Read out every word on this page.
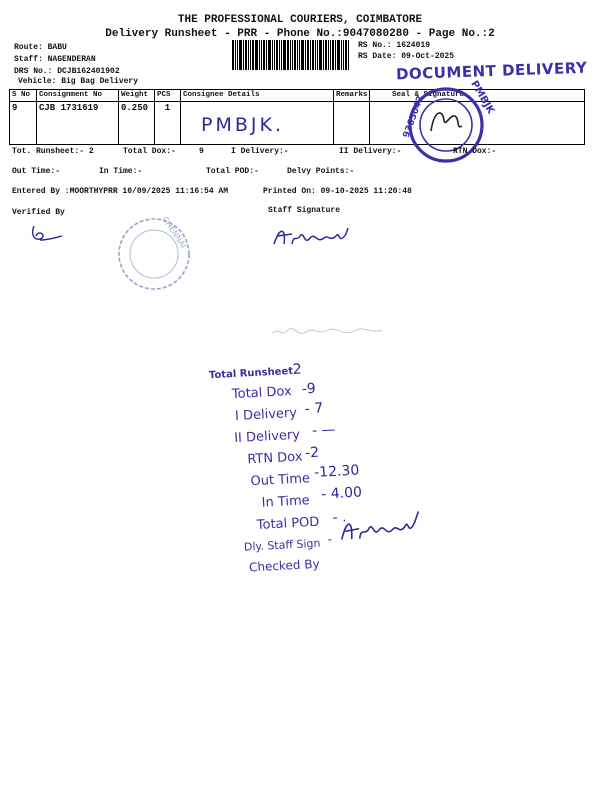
THE PROFESSIONAL COURIERS, COIMBATORE
Delivery Runsheet - PRR - Phone No.:9047080280 - Page No.:2
Route: BABU
Staff: NAGENDERAN
DRS No.: DCJB162401902
Vehicle: Big Bag Delivery
RS No.: 1624019
RS Date: 09-Oct-2025
DOCUMENT DELIVERY
S No	Consignment No	Weight	PCS	Consignee Details	Remarks	Seal & Signature
9	CJB 1731619	0.250	1	PMBJK.		

PMBJK
9365042
Tot. Runsheet:- 2	Total Dox:-	9	I Delivery:-	II Delivery:-	RTN Dox:-
Out Time:-	In Time:-	Total POD:-	Delvy Points:-
Entered By :MOORTHYPRR 10/09/2025 11:16:54 AM	Printed On: 09-10-2025 11:20:48
Verified By	Staff Signature
CHENNAI
Total Runsheet 2
Total Dox -9
I Delivery - 7
II Delivery - —
RTN Dox -2
Out Time -12.30
In Time - 4.00
Total POD - .
Dly. Staff Sign -
Checked By
